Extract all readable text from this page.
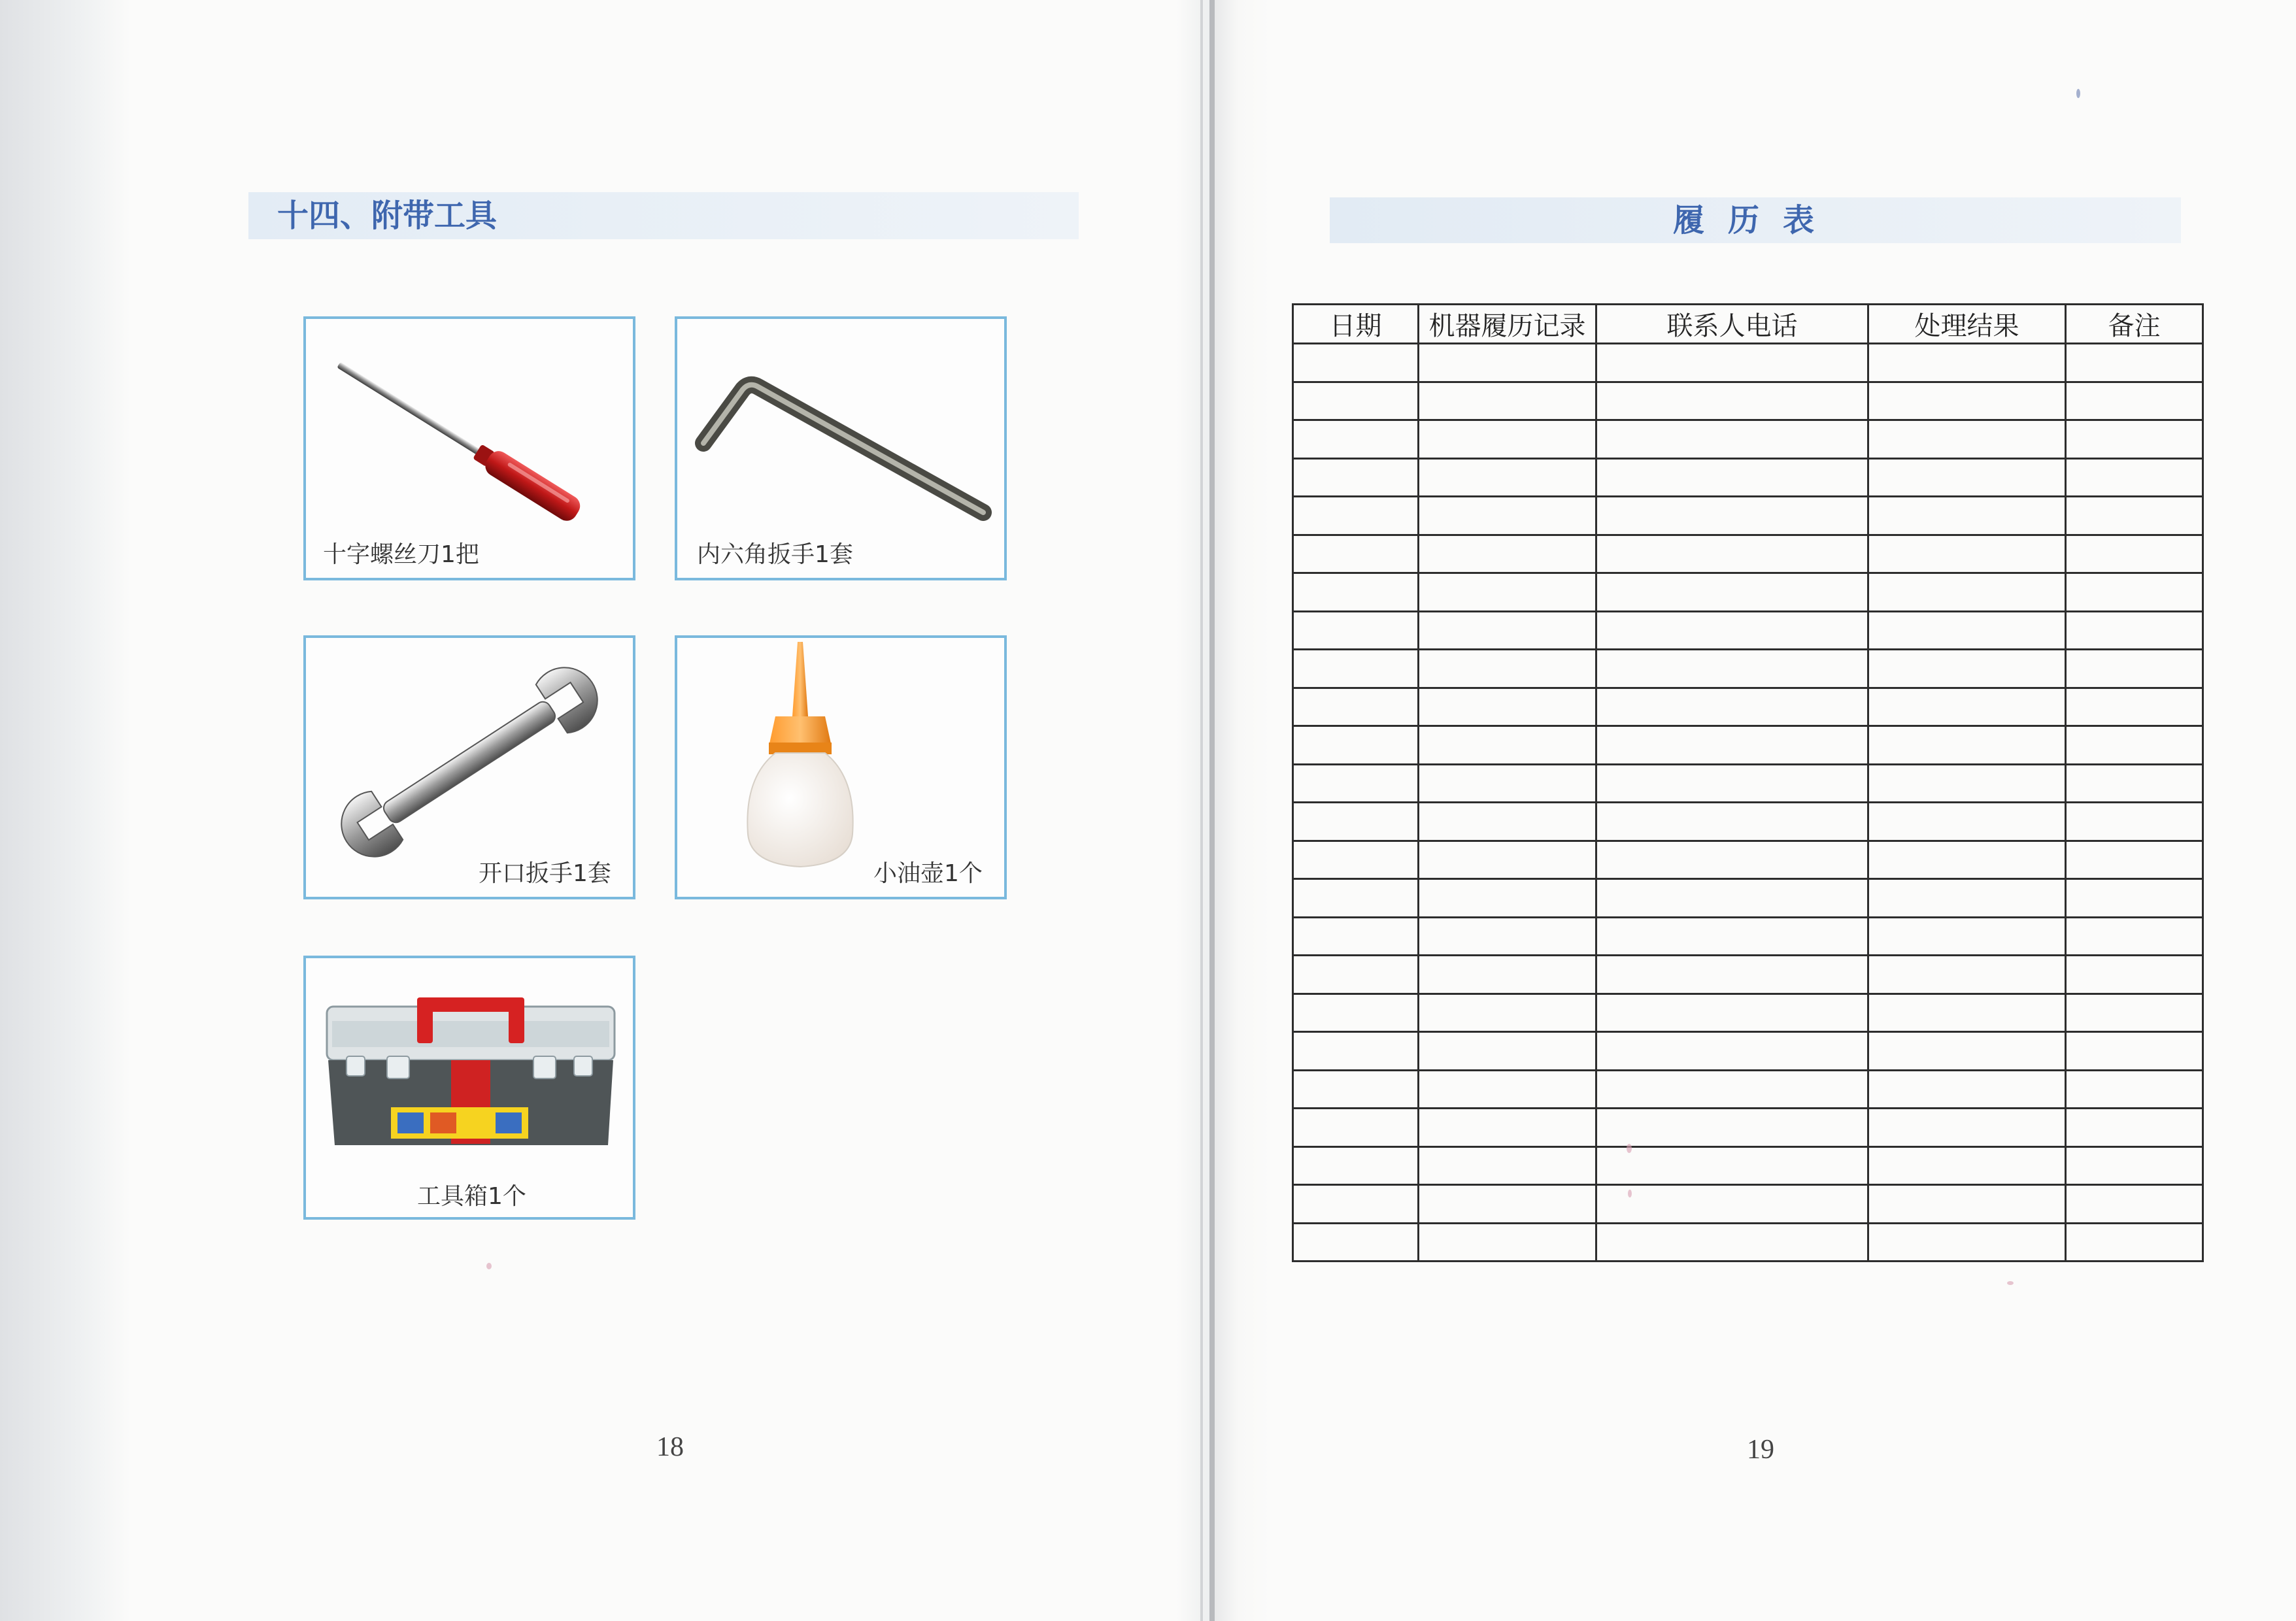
十四、附带工具
十字螺丝刀1把	内六角扳手1套
开口扳手1套	小油壶1个
工具箱1个
18
履历表
日期	机器履历记录	联系人电话	处理结果	备注

19
